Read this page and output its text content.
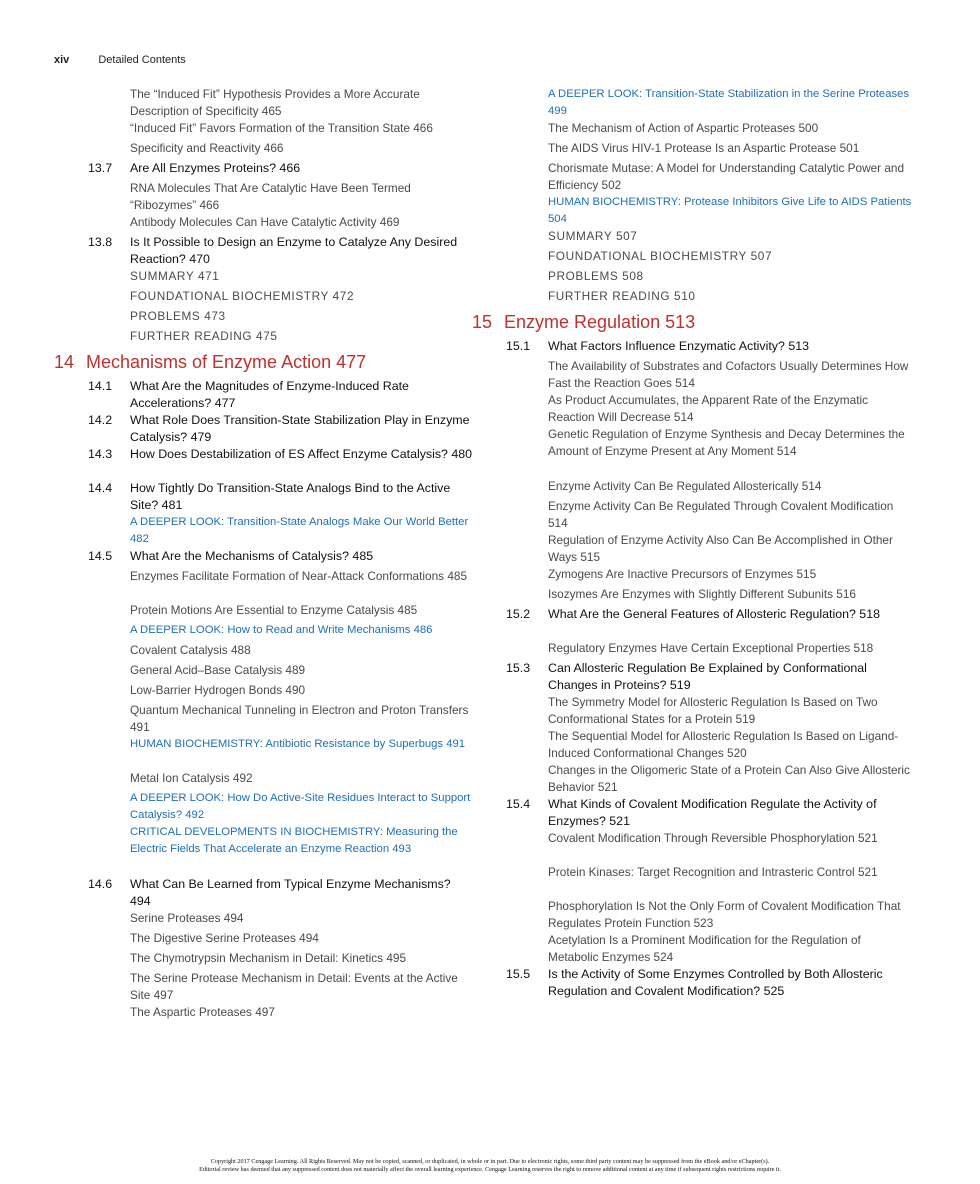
xiv	Detailed Contents
The “Induced Fit” Hypothesis Provides a More Accurate Description of Specificity 465
“Induced Fit” Favors Formation of the Transition State 466
Specificity and Reactivity 466
13.7 Are All Enzymes Proteins? 466
RNA Molecules That Are Catalytic Have Been Termed “Ribozymes” 466
Antibody Molecules Can Have Catalytic Activity 469
13.8 Is It Possible to Design an Enzyme to Catalyze Any Desired Reaction? 470
SUMMARY 471
FOUNDATIONAL BIOCHEMISTRY 472
PROBLEMS 473
FURTHER READING 475
14 Mechanisms of Enzyme Action 477
14.1 What Are the Magnitudes of Enzyme-Induced Rate Accelerations? 477
14.2 What Role Does Transition-State Stabilization Play in Enzyme Catalysis? 479
14.3 How Does Destabilization of ES Affect Enzyme Catalysis? 480
14.4 How Tightly Do Transition-State Analogs Bind to the Active Site? 481
A DEEPER LOOK: Transition-State Analogs Make Our World Better 482
14.5 What Are the Mechanisms of Catalysis? 485
Enzymes Facilitate Formation of Near-Attack Conformations 485
Protein Motions Are Essential to Enzyme Catalysis 485
A DEEPER LOOK: How to Read and Write Mechanisms 486
Covalent Catalysis 488
General Acid–Base Catalysis 489
Low-Barrier Hydrogen Bonds 490
Quantum Mechanical Tunneling in Electron and Proton Transfers 491
HUMAN BIOCHEMISTRY: Antibiotic Resistance by Superbugs 491
Metal Ion Catalysis 492
A DEEPER LOOK: How Do Active-Site Residues Interact to Support Catalysis? 492
CRITICAL DEVELOPMENTS IN BIOCHEMISTRY: Measuring the Electric Fields That Accelerate an Enzyme Reaction 493
14.6 What Can Be Learned from Typical Enzyme Mechanisms? 494
Serine Proteases 494
The Digestive Serine Proteases 494
The Chymotrypsin Mechanism in Detail: Kinetics 495
The Serine Protease Mechanism in Detail: Events at the Active Site 497
The Aspartic Proteases 497
A DEEPER LOOK: Transition-State Stabilization in the Serine Proteases 499
The Mechanism of Action of Aspartic Proteases 500
The AIDS Virus HIV-1 Protease Is an Aspartic Protease 501
Chorismate Mutase: A Model for Understanding Catalytic Power and Efficiency 502
HUMAN BIOCHEMISTRY: Protease Inhibitors Give Life to AIDS Patients 504
SUMMARY 507
FOUNDATIONAL BIOCHEMISTRY 507
PROBLEMS 508
FURTHER READING 510
15 Enzyme Regulation 513
15.1 What Factors Influence Enzymatic Activity? 513
The Availability of Substrates and Cofactors Usually Determines How Fast the Reaction Goes 514
As Product Accumulates, the Apparent Rate of the Enzymatic Reaction Will Decrease 514
Genetic Regulation of Enzyme Synthesis and Decay Determines the Amount of Enzyme Present at Any Moment 514
Enzyme Activity Can Be Regulated Allosterically 514
Enzyme Activity Can Be Regulated Through Covalent Modification 514
Regulation of Enzyme Activity Also Can Be Accomplished in Other Ways 515
Zymogens Are Inactive Precursors of Enzymes 515
Isozymes Are Enzymes with Slightly Different Subunits 516
15.2 What Are the General Features of Allosteric Regulation? 518
Regulatory Enzymes Have Certain Exceptional Properties 518
15.3 Can Allosteric Regulation Be Explained by Conformational Changes in Proteins? 519
The Symmetry Model for Allosteric Regulation Is Based on Two Conformational States for a Protein 519
The Sequential Model for Allosteric Regulation Is Based on Ligand-Induced Conformational Changes 520
Changes in the Oligomeric State of a Protein Can Also Give Allosteric Behavior 521
15.4 What Kinds of Covalent Modification Regulate the Activity of Enzymes? 521
Covalent Modification Through Reversible Phosphorylation 521
Protein Kinases: Target Recognition and Intrasteric Control 521
Phosphorylation Is Not the Only Form of Covalent Modification That Regulates Protein Function 523
Acetylation Is a Prominent Modification for the Regulation of Metabolic Enzymes 524
15.5 Is the Activity of Some Enzymes Controlled by Both Allosteric Regulation and Covalent Modification? 525
Copyright 2017 Cengage Learning. All Rights Reserved. May not be copied, scanned, or duplicated, in whole or in part. Due to electronic rights, some third party content may be suppressed from the eBook and/or eChapter(s).
Editorial review has deemed that any suppressed content does not materially affect the overall learning experience. Cengage Learning reserves the right to remove additional content at any time if subsequent rights restrictions require it.
